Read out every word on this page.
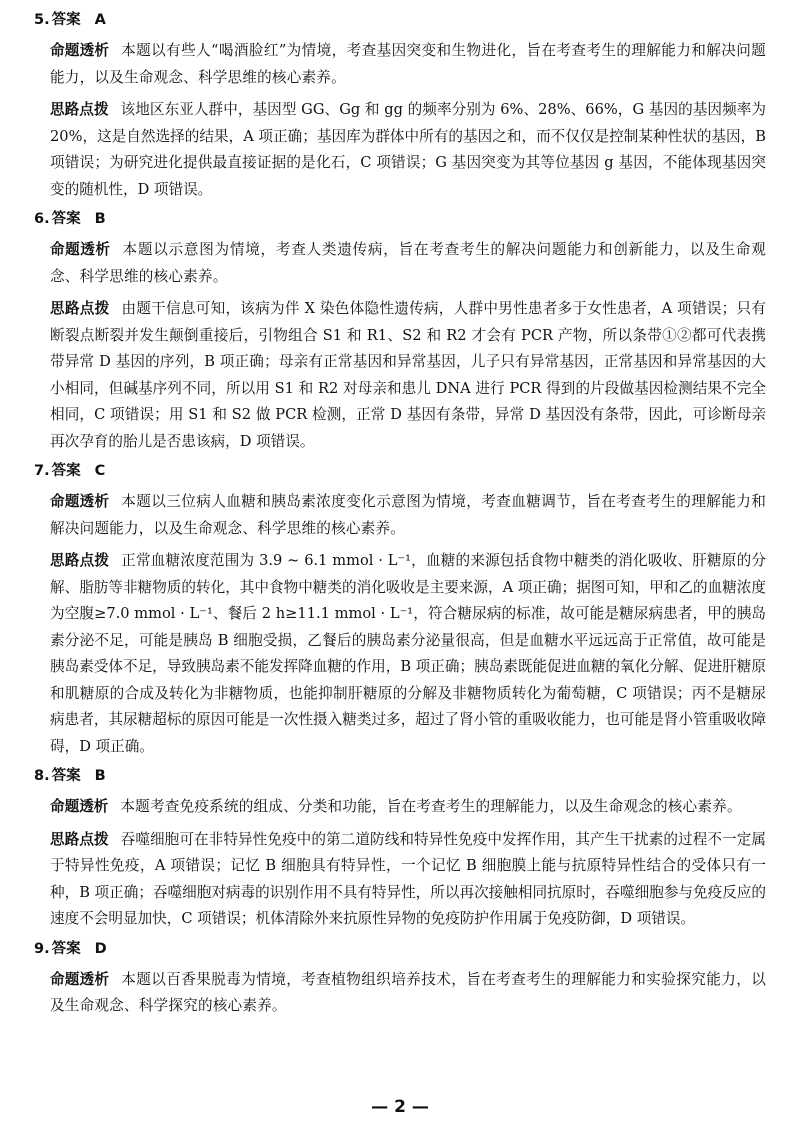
5. 答案 A

命题透析 本题以有些人“喝酒脸红”为情境，考查基因突变和生物进化，旨在考查考生的理解能力和解决问题能力，以及生命观念、科学思维的核心素养。

思路点拨 该地区东亚人群中，基因型 GG、Gg 和 gg 的频率分别为 6%、28%、66%，G 基因的基因频率为 20%，这是自然选择的结果，A 项正确；基因库为群体中所有的基因之和，而不仅仅是控制某种性状的基因，B 项错误；为研究进化提供最直接证据的是化石，C 项错误；G 基因突变为其等位基因 g 基因，不能体现基因突变的随机性，D 项错误。

6. 答案 B

命题透析 本题以示意图为情境，考查人类遗传病，旨在考查考生的解决问题能力和创新能力，以及生命观念、科学思维的核心素养。

思路点拨 由题干信息可知，该病为伴 X 染色体隐性遗传病，人群中男性患者多于女性患者，A 项错误；只有断裂点断裂并发生颠倒重接后，引物组合 S1 和 R1、S2 和 R2 才会有 PCR 产物，所以条带①②都可代表携带异常 D 基因的序列，B 项正确；母亲有正常基因和异常基因，儿子只有异常基因，正常基因和异常基因的大小相同，但碱基序列不同，所以用 S1 和 R2 对母亲和患儿 DNA 进行 PCR 得到的片段做基因检测结果不完全相同，C 项错误；用 S1 和 S2 做 PCR 检测，正常 D 基因有条带，异常 D 基因没有条带，因此，可诊断母亲再次孕育的胎儿是否患该病，D 项错误。

7. 答案 C

命题透析 本题以三位病人血糖和胰岛素浓度变化示意图为情境，考查血糖调节，旨在考查考生的理解能力和解决问题能力，以及生命观念、科学思维的核心素养。

思路点拨 正常血糖浓度范围为 3.9 ~ 6.1 mmol · L⁻¹，血糖的来源包括食物中糖类的消化吸收、肝糖原的分解、脂肪等非糖物质的转化，其中食物中糖类的消化吸收是主要来源，A 项正确；据图可知，甲和乙的血糖浓度为空腹≥7.0 mmol · L⁻¹、餐后 2 h≥11.1 mmol · L⁻¹，符合糖尿病的标准，故可能是糖尿病患者，甲的胰岛素分泌不足，可能是胰岛 B 细胞受损，乙餐后的胰岛素分泌量很高，但是血糖水平远远高于正常值，故可能是胰岛素受体不足，导致胰岛素不能发挥降血糖的作用，B 项正确；胰岛素既能促进血糖的氧化分解、促进肝糖原和肌糖原的合成及转化为非糖物质，也能抑制肝糖原的分解及非糖物质转化为葡萄糖，C 项错误；丙不是糖尿病患者，其尿糖超标的原因可能是一次性摄入糖类过多，超过了肾小管的重吸收能力，也可能是肾小管重吸收障碍，D 项正确。

8. 答案 B

命题透析 本题考查免疫系统的组成、分类和功能，旨在考查考生的理解能力，以及生命观念的核心素养。

思路点拨 吞噬细胞可在非特异性免疫中的第二道防线和特异性免疫中发挥作用，其产生干扰素的过程不一定属于特异性免疫，A 项错误；记忆 B 细胞具有特异性，一个记忆 B 细胞膜上能与抗原特异性结合的受体只有一种，B 项正确；吞噬细胞对病毒的识别作用不具有特异性，所以再次接触相同抗原时，吞噬细胞参与免疫反应的速度不会明显加快，C 项错误；机体清除外来抗原性异物的免疫防护作用属于免疫防御，D 项错误。

9. 答案 D

命题透析 本题以百香果脱毒为情境，考查植物组织培养技术，旨在考查考生的理解能力和实验探究能力，以及生命观念、科学探究的核心素养。

— 2 —
